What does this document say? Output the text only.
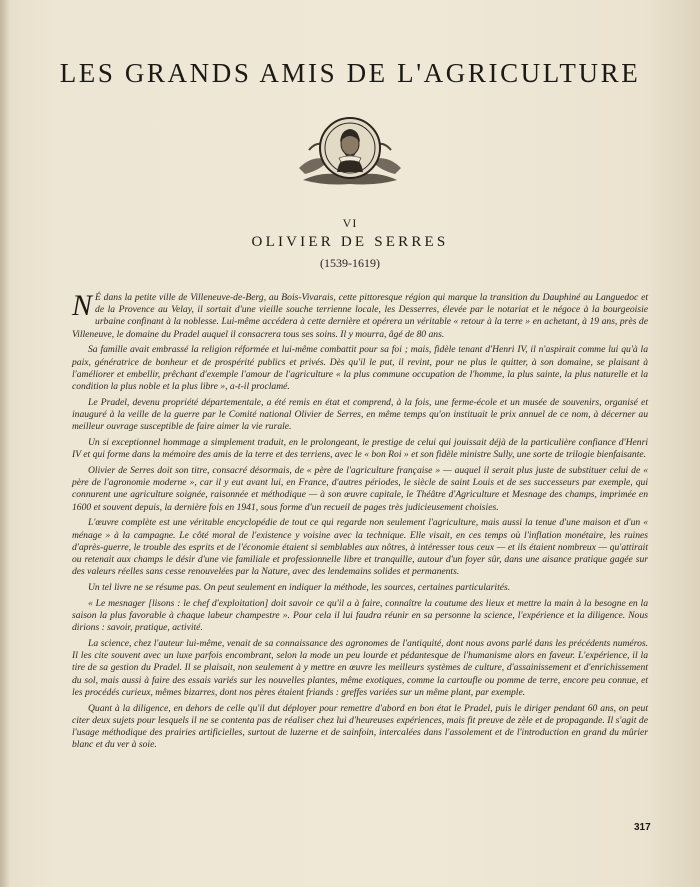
LES GRANDS AMIS DE L'AGRICULTURE
VI
OLIVIER DE SERRES
(1539-1619)

N É dans la petite ville de Villeneuve-de-Berg, au Bois-Vivarais, cette pittoresque région qui marque la transition du Dauphiné au Languedoc et de la Provence au Velay, il sortait d'une vieille souche terrienne locale, les Desserres, élevée par le notariat et le négoce à la bourgeoisie urbaine confinant à la noblesse. Lui-même accédera à cette dernière et opérera un véritable « retour à la terre » en achetant, à 19 ans, près de Villeneuve, le domaine du Pradel auquel il consacrera tous ses soins. Il y mourra, âgé de 80 ans.

Sa famille avait embrassé la religion réformée et lui-même combattit pour sa foi ; mais, fidèle tenant d'Henri IV, il n'aspirait comme lui qu'à la paix, génératrice de bonheur et de prospérité publics et privés. Dès qu'il le put, il revint, pour ne plus le quitter, à son domaine, se plaisant à l'améliorer et embellir, prêchant d'exemple l'amour de l'agriculture « la plus commune occupation de l'homme, la plus sainte, la plus naturelle et la condition la plus noble et la plus libre », a-t-il proclamé.

Le Pradel, devenu propriété départementale, a été remis en état et comprend, à la fois, une ferme-école et un musée de souvenirs, organisé et inauguré à la veille de la guerre par le Comité national Olivier de Serres, en même temps qu'on instituait le prix annuel de ce nom, à décerner au meilleur ouvrage susceptible de faire aimer la vie rurale.

Un si exceptionnel hommage a simplement traduit, en le prolongeant, le prestige de celui qui jouissait déjà de la particulière confiance d'Henri IV et qui forme dans la mémoire des amis de la terre et des terriens, avec le « bon Roi » et son fidèle ministre Sully, une sorte de trilogie bienfaisante.

Olivier de Serres doit son titre, consacré désormais, de « père de l'agriculture française » — auquel il serait plus juste de substituer celui de « père de l'agronomie moderne », car il y eut avant lui, en France, d'autres périodes, le siècle de saint Louis et de ses successeurs par exemple, qui connurent une agriculture soignée, raisonnée et méthodique — à son œuvre capitale, le Théâtre d'Agriculture et Mesnage des champs, imprimée en 1600 et souvent depuis, la dernière fois en 1941, sous forme d'un recueil de pages très judicieusement choisies.

L'œuvre complète est une véritable encyclopédie de tout ce qui regarde non seulement l'agriculture, mais aussi la tenue d'une maison et d'un « ménage » à la campagne. Le côté moral de l'existence y voisine avec la technique. Elle visait, en ces temps où l'inflation monétaire, les ruines d'après-guerre, le trouble des esprits et de l'économie étaient si semblables aux nôtres, à intéresser tous ceux — et ils étaient nombreux — qu'attirait ou retenait aux champs le désir d'une vie familiale et professionnelle libre et tranquille, autour d'un foyer sûr, dans une aisance pratique gagée sur des valeurs réelles sans cesse renouvelées par la Nature, avec des lendemains solides et permanents.

Un tel livre ne se résume pas. On peut seulement en indiquer la méthode, les sources, certaines particularités.

« Le mesnager [lisons : le chef d'exploitation] doit savoir ce qu'il a à faire, connaître la coutume des lieux et mettre la main à la besogne en la saison la plus favorable à chaque labeur champestre ». Pour cela il lui faudra réunir en sa personne la science, l'expérience et la diligence. Nous dirions : savoir, pratique, activité.

La science, chez l'auteur lui-même, venait de sa connaissance des agronomes de l'antiquité, dont nous avons parlé dans les précédents numéros. Il les cite souvent avec un luxe parfois encombrant, selon la mode un peu lourde et pédantesque de l'humanisme alors en faveur. L'expérience, il la tire de sa gestion du Pradel. Il se plaisait, non seulement à y mettre en œuvre les meilleurs systèmes de culture, d'assainissement et d'enrichissement du sol, mais aussi à faire des essais variés sur les nouvelles plantes, même exotiques, comme la cartoufle ou pomme de terre, encore peu connue, et les procédés curieux, mêmes bizarres, dont nos pères étaient friands : greffes variées sur un même plant, par exemple.

Quant à la diligence, en dehors de celle qu'il dut déployer pour remettre d'abord en bon état le Pradel, puis le diriger pendant 60 ans, on peut citer deux sujets pour lesquels il ne se contenta pas de réaliser chez lui d'heureuses expériences, mais fit preuve de zèle et de propagande. Il s'agit de l'usage méthodique des prairies artificielles, surtout de luzerne et de sainfoin, intercalées dans l'assolement et de l'introduction en grand du mûrier blanc et du ver à soie.

317
